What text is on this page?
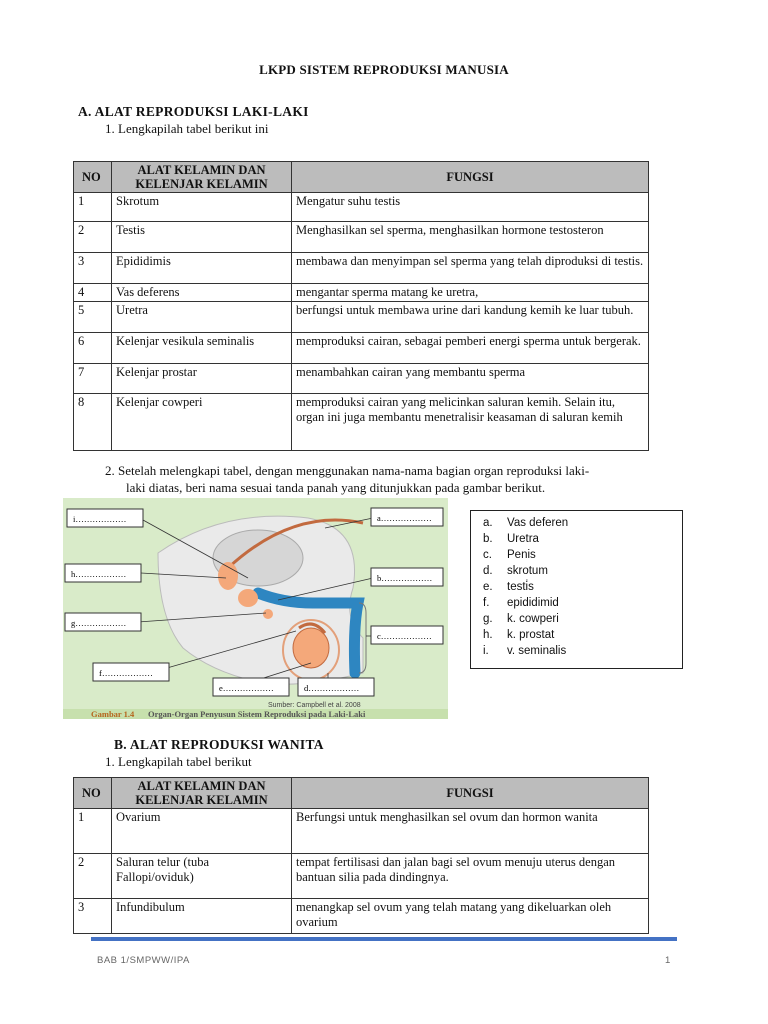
LKPD SISTEM REPRODUKSI MANUSIA
A. ALAT REPRODUKSI LAKI-LAKI
1. Lengkapilah tabel berikut ini
NO	ALAT KELAMIN DAN KELENJAR KELAMIN	FUNGSI
1	Skrotum	Mengatur suhu testis
2	Testis	Menghasilkan sel sperma, menghasilkan hormone testosteron
3	Epididimis	membawa dan menyimpan sel sperma yang telah diproduksi di testis.
4	Vas deferens	mengantar sperma matang ke uretra,
5	Uretra	berfungsi untuk membawa urine dari kandung kemih ke luar tubuh.
6	Kelenjar vesikula seminalis	memproduksi cairan, sebagai pemberi energi sperma untuk bergerak.
7	Kelenjar prostar	menambahkan cairan yang membantu sperma
8	Kelenjar cowperi	memproduksi cairan yang melicinkan saluran kemih. Selain itu, organ ini juga membantu menetralisir keasaman di saluran kemih
2. Setelah melengkapi tabel, dengan menggunakan nama-nama bagian organ reproduksi laki-
laki diatas, beri nama sesuai tanda panah yang ditunjukkan pada gambar berikut.
i………………
h………………
g………………
f………………
e………………	d………………
a………………
b………………
c………………
Sumber: Campbell et al. 2008
Gambar 1.4 Organ-Organ Penyusun Sistem Reproduksi pada Laki-Laki
a. Vas deferen
b. Uretra
c. Penis
d. skrotum
e. testi̇s
f. epididimid
g. k. cowperi
h. k. prostat
i. v. seminalis
B. ALAT REPRODUKSI WANITA
1. Lengkapilah tabel berikut
NO	ALAT KELAMIN DAN KELENJAR KELAMIN	FUNGSI
1	Ovarium	Berfungsi untuk menghasilkan sel ovum dan hormon wanita
2	Saluran telur (tuba Fallopi/oviduk)	tempat fertilisasi dan jalan bagi sel ovum menuju uterus dengan bantuan silia pada dindingnya.
3	Infundibulum	menangkap sel ovum yang telah matang yang dikeluarkan oleh ovarium
BAB 1/SMPWW/IPA	1
